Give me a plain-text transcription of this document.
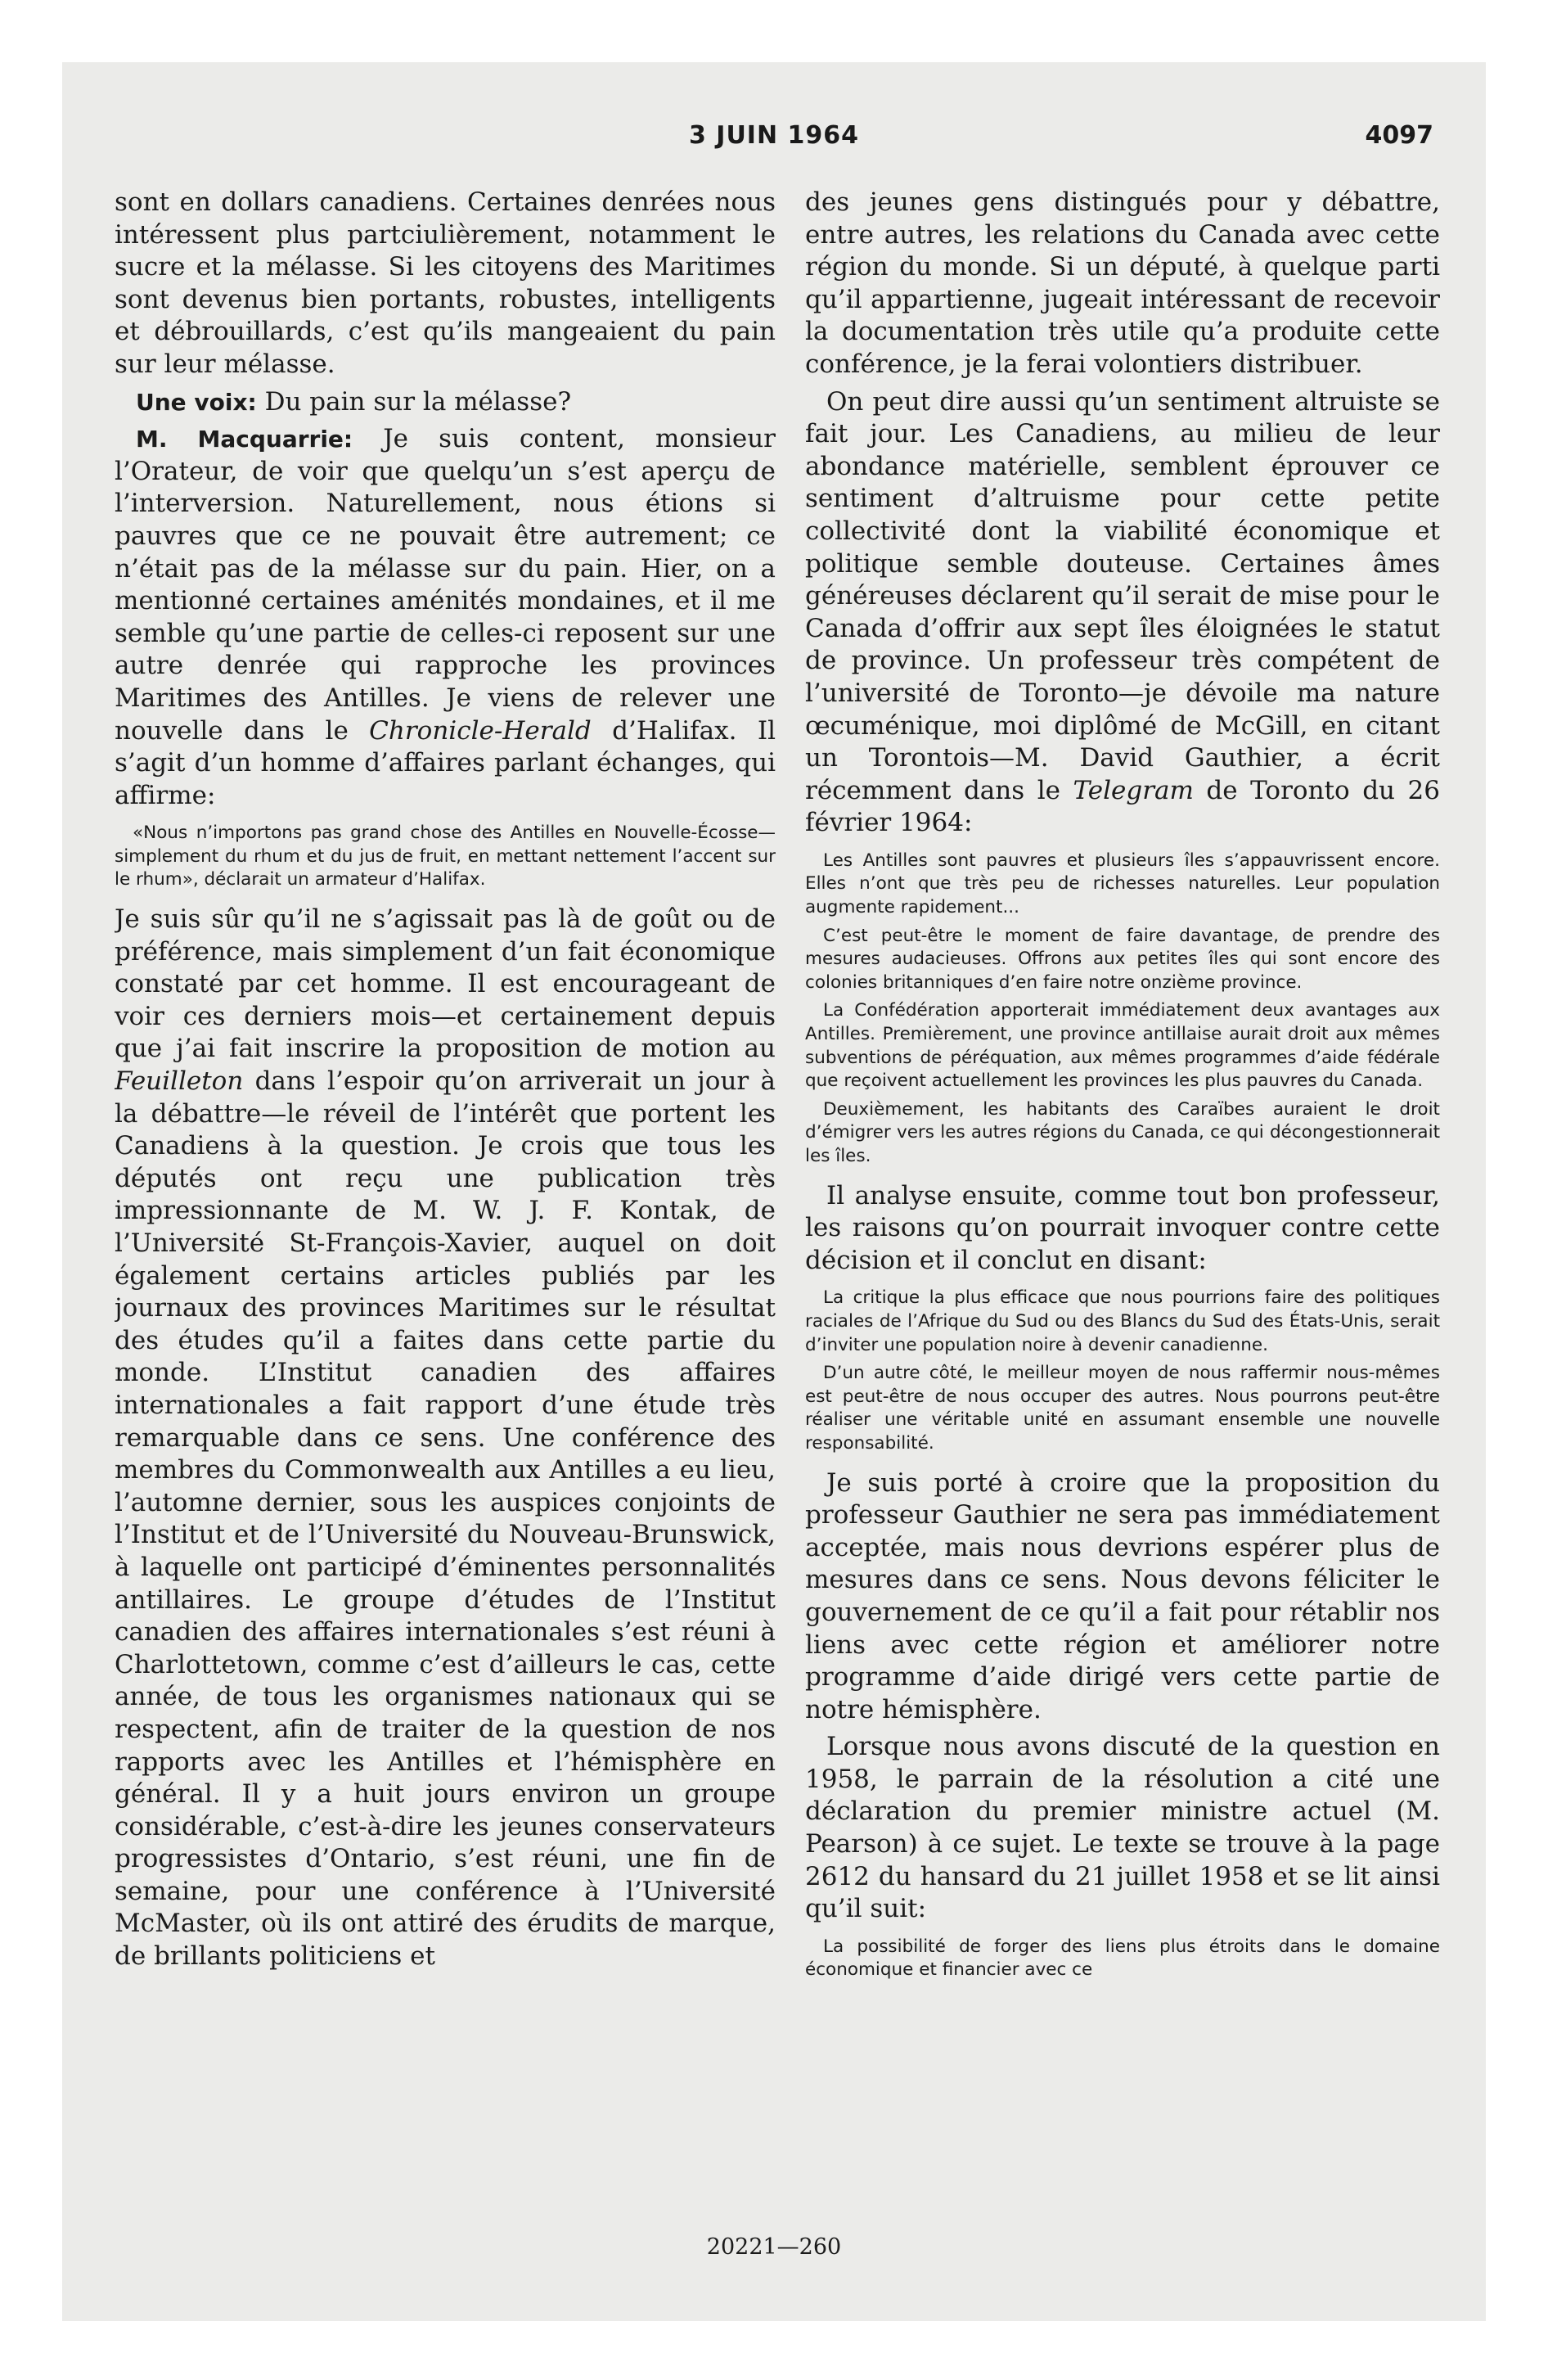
3 JUIN 1964	4097

sont en dollars canadiens. Certaines denrées nous intéressent plus partciulièrement, notamment le sucre et la mélasse. Si les citoyens des Maritimes sont devenus bien portants, robustes, intelligents et débrouillards, c’est qu’ils mangeaient du pain sur leur mélasse.

Une voix: Du pain sur la mélasse?

M. Macquarrie: Je suis content, monsieur l’Orateur, de voir que quelqu’un s’est aperçu de l’interversion. Naturellement, nous étions si pauvres que ce ne pouvait être autrement; ce n’était pas de la mélasse sur du pain. Hier, on a mentionné certaines aménités mondaines, et il me semble qu’une partie de celles-ci reposent sur une autre denrée qui rapproche les provinces Maritimes des Antilles. Je viens de relever une nouvelle dans le Chronicle-Herald d’Halifax. Il s’agit d’un homme d’affaires parlant échanges, qui affirme:

«Nous n’importons pas grand chose des Antilles en Nouvelle-Écosse—simplement du rhum et du jus de fruit, en mettant nettement l’accent sur le rhum», déclarait un armateur d’Halifax.

Je suis sûr qu’il ne s’agissait pas là de goût ou de préférence, mais simplement d’un fait économique constaté par cet homme. Il est encourageant de voir ces derniers mois—et certainement depuis que j’ai fait inscrire la proposition de motion au Feuilleton dans l’espoir qu’on arriverait un jour à la débattre—le réveil de l’intérêt que portent les Canadiens à la question. Je crois que tous les députés ont reçu une publication très impressionnante de M. W. J. F. Kontak, de l’Université St-François-Xavier, auquel on doit également certains articles publiés par les journaux des provinces Maritimes sur le résultat des études qu’il a faites dans cette partie du monde. L’Institut canadien des affaires internationales a fait rapport d’une étude très remarquable dans ce sens. Une conférence des membres du Commonwealth aux Antilles a eu lieu, l’automne dernier, sous les auspices conjoints de l’Institut et de l’Université du Nouveau-Brunswick, à laquelle ont participé d’éminentes personnalités antillaires. Le groupe d’études de l’Institut canadien des affaires internationales s’est réuni à Charlottetown, comme c’est d’ailleurs le cas, cette année, de tous les organismes nationaux qui se respectent, afin de traiter de la question de nos rapports avec les Antilles et l’hémisphère en général. Il y a huit jours environ un groupe considérable, c’est-à-dire les jeunes conservateurs progressistes d’Ontario, s’est réuni, une fin de semaine, pour une conférence à l’Université McMaster, où ils ont attiré des érudits de marque, de brillants politiciens et

des jeunes gens distingués pour y débattre, entre autres, les relations du Canada avec cette région du monde. Si un député, à quelque parti qu’il appartienne, jugeait intéressant de recevoir la documentation très utile qu’a produite cette conférence, je la ferai volontiers distribuer.

On peut dire aussi qu’un sentiment altruiste se fait jour. Les Canadiens, au milieu de leur abondance matérielle, semblent éprouver ce sentiment d’altruisme pour cette petite collectivité dont la viabilité économique et politique semble douteuse. Certaines âmes généreuses déclarent qu’il serait de mise pour le Canada d’offrir aux sept îles éloignées le statut de province. Un professeur très compétent de l’université de Toronto—je dévoile ma nature œcuménique, moi diplômé de McGill, en citant un Torontois—M. David Gauthier, a écrit récemment dans le Telegram de Toronto du 26 février 1964:

Les Antilles sont pauvres et plusieurs îles s’appauvrissent encore. Elles n’ont que très peu de richesses naturelles. Leur population augmente rapidement...

C’est peut-être le moment de faire davantage, de prendre des mesures audacieuses. Offrons aux petites îles qui sont encore des colonies britanniques d’en faire notre onzième province.

La Confédération apporterait immédiatement deux avantages aux Antilles. Premièrement, une province antillaise aurait droit aux mêmes subventions de péréquation, aux mêmes programmes d’aide fédérale que reçoivent actuellement les provinces les plus pauvres du Canada.

Deuxièmement, les habitants des Caraïbes auraient le droit d’émigrer vers les autres régions du Canada, ce qui décongestionnerait les îles.

Il analyse ensuite, comme tout bon professeur, les raisons qu’on pourrait invoquer contre cette décision et il conclut en disant:

La critique la plus efficace que nous pourrions faire des politiques raciales de l’Afrique du Sud ou des Blancs du Sud des États-Unis, serait d’inviter une population noire à devenir canadienne.

D’un autre côté, le meilleur moyen de nous raffermir nous-mêmes est peut-être de nous occuper des autres. Nous pourrons peut-être réaliser une véritable unité en assumant ensemble une nouvelle responsabilité.

Je suis porté à croire que la proposition du professeur Gauthier ne sera pas immédiatement acceptée, mais nous devrions espérer plus de mesures dans ce sens. Nous devons féliciter le gouvernement de ce qu’il a fait pour rétablir nos liens avec cette région et améliorer notre programme d’aide dirigé vers cette partie de notre hémisphère.

Lorsque nous avons discuté de la question en 1958, le parrain de la résolution a cité une déclaration du premier ministre actuel (M. Pearson) à ce sujet. Le texte se trouve à la page 2612 du hansard du 21 juillet 1958 et se lit ainsi qu’il suit:

La possibilité de forger des liens plus étroits dans le domaine économique et financier avec ce

20221—260
